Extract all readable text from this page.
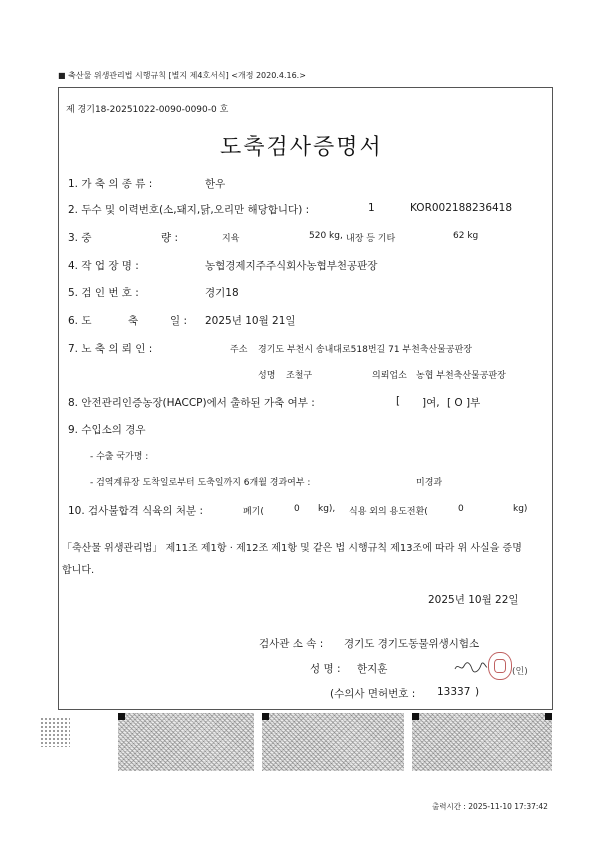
■ 축산물 위생관리법 시행규칙 [별지 제4호서식] <개정 2020.4.16.>
제 경기18-20251022-0090-0090-0 호
도축검사증명서
1. 가 축 의 종 류 :	한우
2. 두수 및 이력번호(소,돼지,닭,오리만 해당합니다) :	1	KOR002188236418
3. 중	량 :	지육	520 kg, 내장 등 기타	62 kg
4. 작 업 장 명 :	농협경제지주주식회사농협부천공판장
5. 검 인 번 호 :	경기18
6. 도	축	일 : 2025년 10월 21일
7. 노 축 의 뢰 인 :	주소 경기도 부천시 송내대로518번길 71 부천축산물공판장
성명 조철구	의뢰업소 농협 부천축산물공판장
8. 안전관리인증농장(HACCP)에서 출하된 가축 여부 :	[ ]여, [ O ]부
9. 수입소의 경우
- 수출 국가명 :
- 검역계류장 도착일로부터 도축일까지 6개월 경과여부 :	미경과
10. 검사불합격 식육의 처분 :	폐기(	0 kg), 식용 외의 용도전환(	0	kg)
「축산물 위생관리법」 제11조 제1항 · 제12조 제1항 및 같은 법 시행규칙 제13조에 따라 위 사실을 증명
합니다.
2025년 10월 22일
검사관 소 속 : 경기도 경기도동물위생시험소
성 명 : 한지훈	(인)
(수의사 면허번호 : 13337 )
출력시간 : 2025-11-10 17:37:42
